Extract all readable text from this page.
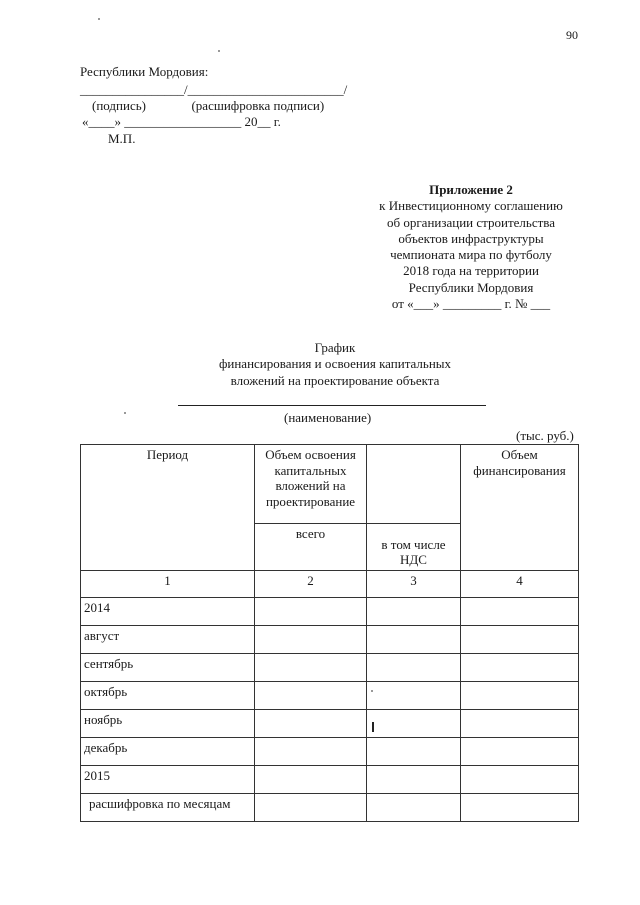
90
Республики Мордовия:
________________/________________________/
(подпись)              (расшифровка подписи)
«____» __________________ 20__ г.
М.П.
Приложение 2
к Инвестиционному соглашению
об организации строительства
объектов инфраструктуры
чемпионата мира по футболу
2018 года на территории
Республики Мордовия
от «___» _________ г. № ___
График
финансирования и освоения капитальных
вложений на проектирование объекта
(наименование)
(тыс. руб.)
Период	Объем освоения капитальных вложений на проектирование		Объем финансирования
	всего	в том числе НДС	
1	2	3	4
2014			
август			
сентябрь			
октябрь			
ноябрь			
декабрь			
2015			
расшифровка по месяцам			
